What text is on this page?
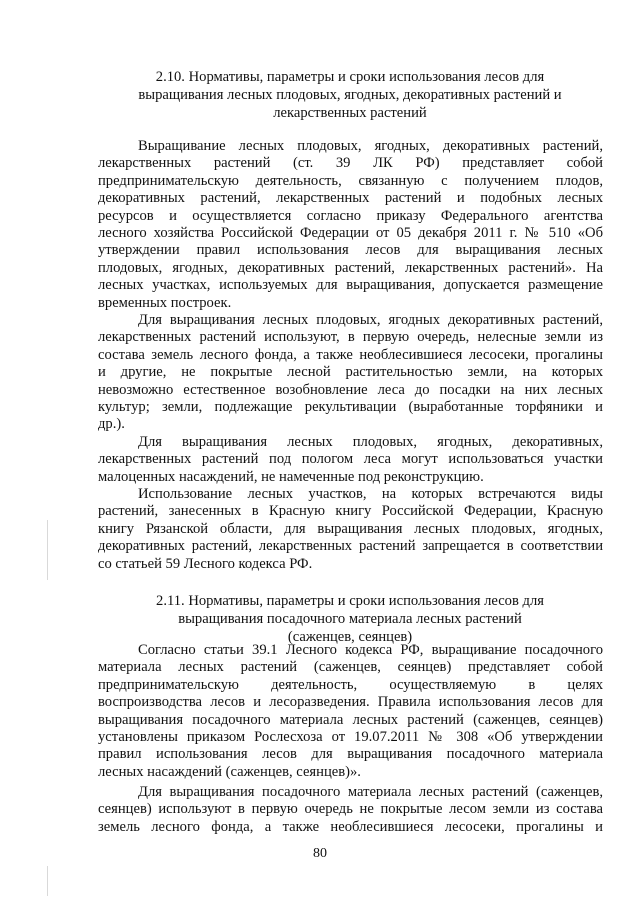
2.10. Нормативы, параметры и сроки использования лесов для
выращивания лесных плодовых, ягодных, декоративных растений и
лекарственных растений
Выращивание лесных плодовых, ягодных, декоративных растений,
лекарственных растений (ст. 39 ЛК РФ) представляет собой
предпринимательскую деятельность, связанную с получением плодов,
декоративных растений, лекарственных растений и подобных лесных
ресурсов и осуществляется согласно приказу Федерального агентства
лесного хозяйства Российской Федерации от 05 декабря 2011 г. № 510 «Об
утверждении правил использования лесов для выращивания лесных
плодовых, ягодных, декоративных растений, лекарственных растений». На
лесных участках, используемых для выращивания, допускается размещение
временных построек.
Для выращивания лесных плодовых, ягодных декоративных растений,
лекарственных растений используют, в первую очередь, нелесные земли из
состава земель лесного фонда, а также необлесившиеся лесосеки, прогалины
и другие, не покрытые лесной растительностью земли, на которых
невозможно естественное возобновление леса до посадки на них лесных
культур; земли, подлежащие рекультивации (выработанные торфяники и
др.).
Для выращивания лесных плодовых, ягодных, декоративных,
лекарственных растений под пологом леса могут использоваться участки
малоценных насаждений, не намеченные под реконструкцию.
Использование лесных участков, на которых встречаются виды
растений, занесенных в Красную книгу Российской Федерации, Красную
книгу Рязанской области, для выращивания лесных плодовых, ягодных,
декоративных растений, лекарственных растений запрещается в соответствии
со статьей 59 Лесного кодекса РФ.
2.11. Нормативы, параметры и сроки использования лесов для
выращивания посадочного материала лесных растений
(саженцев, сеянцев)
Согласно статьи 39.1 Лесного кодекса РФ, выращивание посадочного
материала лесных растений (саженцев, сеянцев) представляет собой
предпринимательскую деятельность, осуществляемую в целях
воспроизводства лесов и лесоразведения. Правила использования лесов для
выращивания посадочного материала лесных растений (саженцев, сеянцев)
установлены приказом Рослесхоза от 19.07.2011 № 308 «Об утверждении
правил использования лесов для выращивания посадочного материала
лесных насаждений (саженцев, сеянцев)».
Для выращивания посадочного материала лесных растений (саженцев,
сеянцев) используют в первую очередь не покрытые лесом земли из состава
земель лесного фонда, а также необлесившиеся лесосеки, прогалины и
80
